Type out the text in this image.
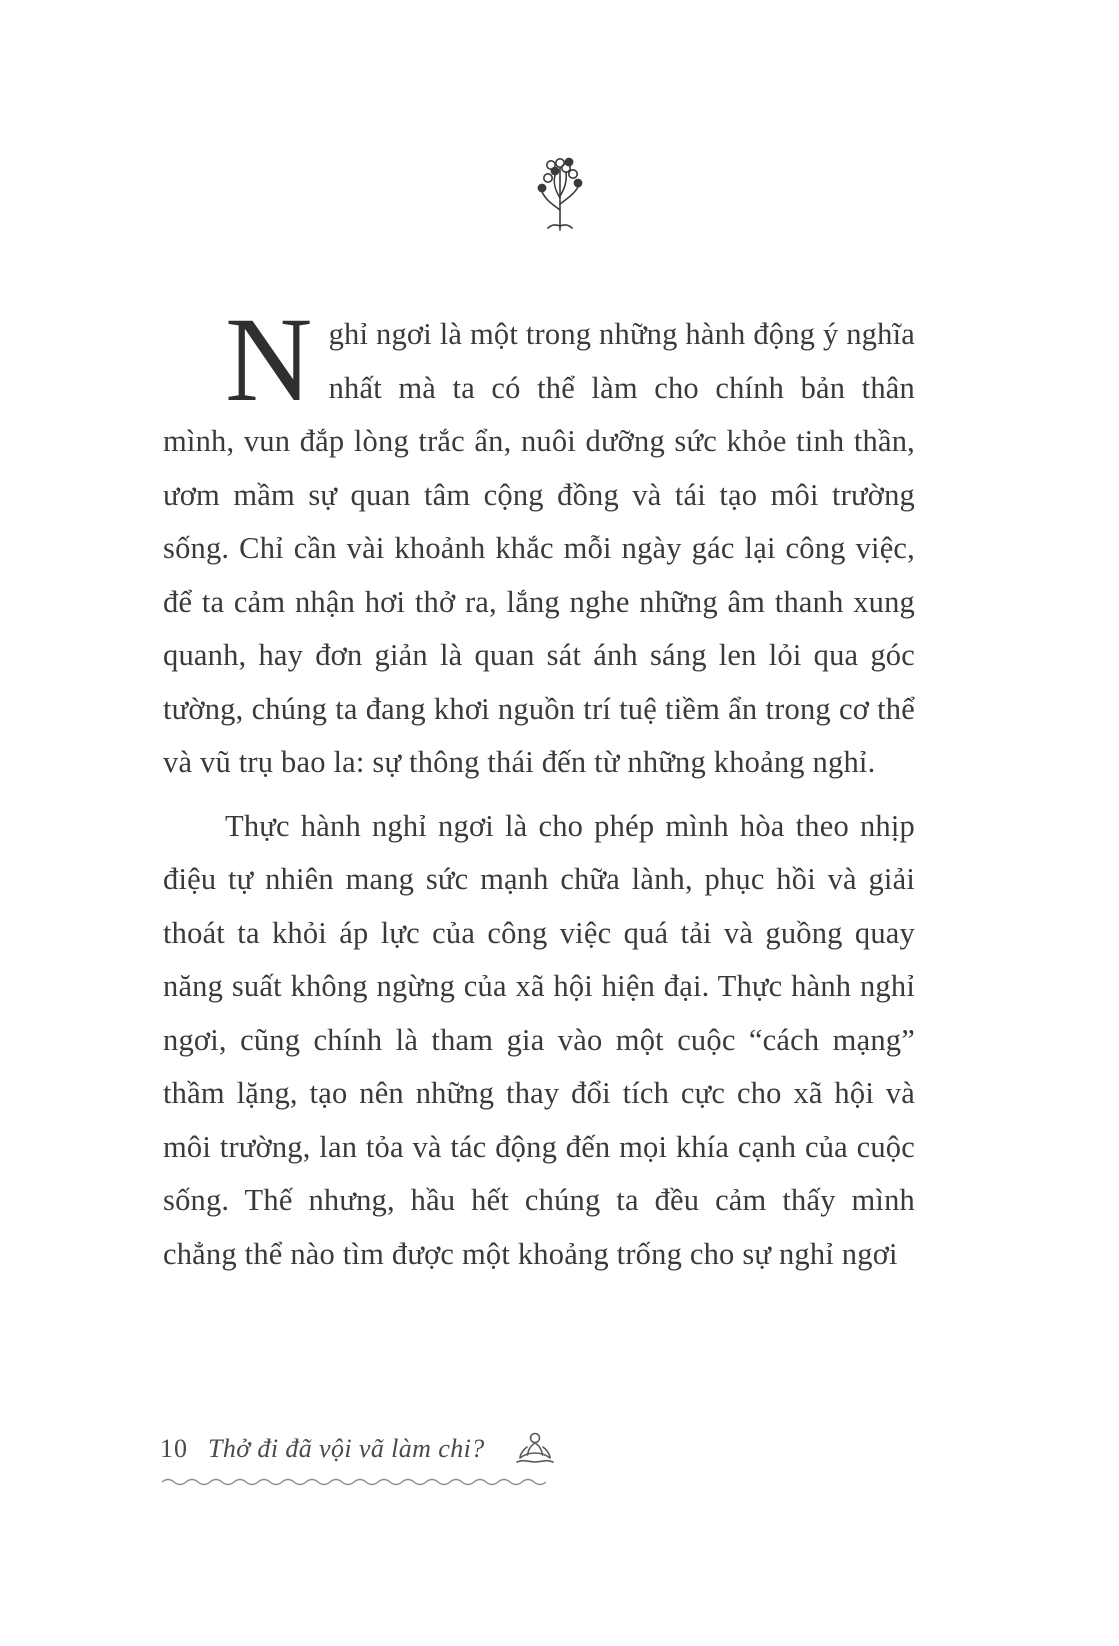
Nghỉ ngơi là một trong những hành động ý nghĩa nhất mà ta có thể làm cho chính bản thân mình, vun đắp lòng trắc ẩn, nuôi dưỡng sức khỏe tinh thần, ươm mầm sự quan tâm cộng đồng và tái tạo môi trường sống. Chỉ cần vài khoảnh khắc mỗi ngày gác lại công việc, để ta cảm nhận hơi thở ra, lắng nghe những âm thanh xung quanh, hay đơn giản là quan sát ánh sáng len lỏi qua góc tường, chúng ta đang khơi nguồn trí tuệ tiềm ẩn trong cơ thể và vũ trụ bao la: sự thông thái đến từ những khoảng nghỉ.

Thực hành nghỉ ngơi là cho phép mình hòa theo nhịp điệu tự nhiên mang sức mạnh chữa lành, phục hồi và giải thoát ta khỏi áp lực của công việc quá tải và guồng quay năng suất không ngừng của xã hội hiện đại. Thực hành nghỉ ngơi, cũng chính là tham gia vào một cuộc “cách mạng” thầm lặng, tạo nên những thay đổi tích cực cho xã hội và môi trường, lan tỏa và tác động đến mọi khía cạnh của cuộc sống. Thế nhưng, hầu hết chúng ta đều cảm thấy mình chẳng thể nào tìm được một khoảng trống cho sự nghỉ ngơi

10 Thở đi đã vội vã làm chi?
